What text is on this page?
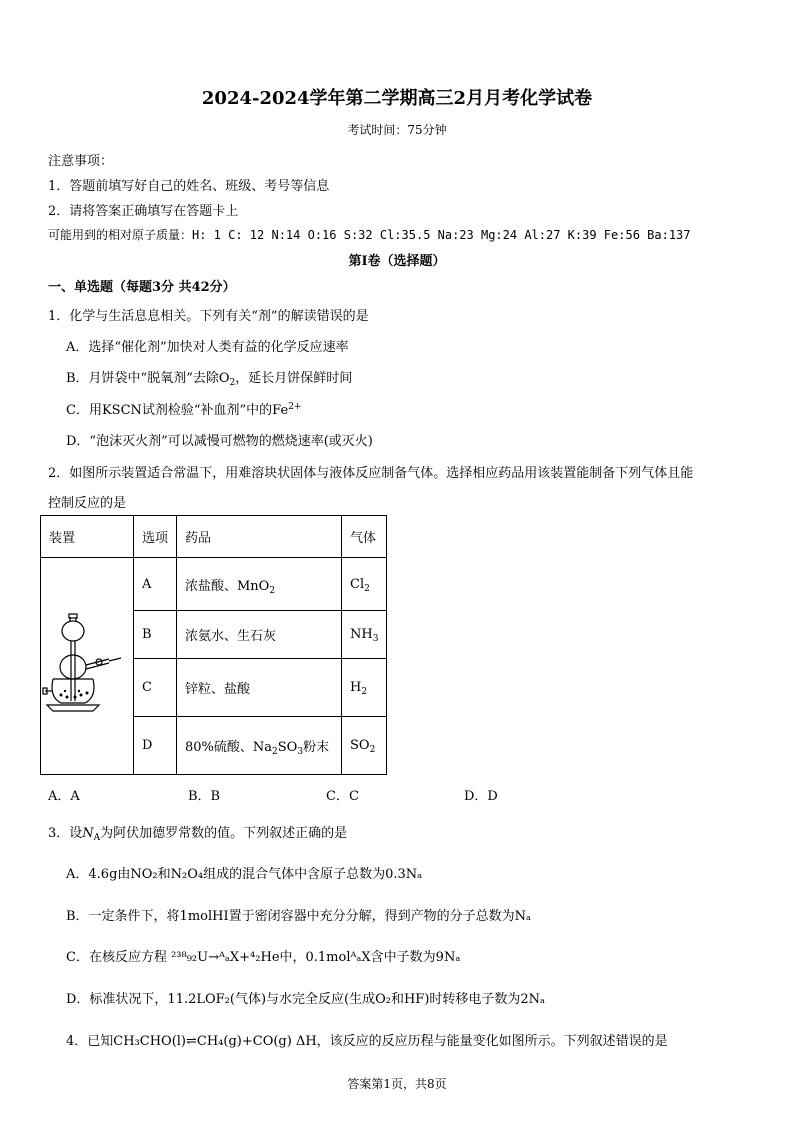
2024-2024学年第二学期高三2月月考化学试卷
考试时间：75分钟
注意事项：
1．答题前填写好自己的姓名、班级、考号等信息
2．请将答案正确填写在答题卡上
可能用到的相对原子质量：H: 1 C: 12 N:14 O:16 S:32 Cl:35.5 Na:23 Mg:24 Al:27 K:39 Fe:56 Ba:137
第Ⅰ卷（选择题）
一、单选题（每题3分 共42分）
1．化学与生活息息相关。下列有关“剂”的解读错误的是
A．选择“催化剂”加快对人类有益的化学反应速率
B．月饼袋中“脱氧剂”去除$O_2$，延长月饼保鲜时间
C．用KSCN试剂检验“补血剂”中的$Fe^{2+}$
D．“泡沫灭火剂”可以减慢可燃物的燃烧速率(或灭火)
2．如图所示装置适合常温下，用难溶块状固体与液体反应制备气体。选择相应药品用该装置能制备下列气体且能
控制反应的是
装置	选项	药品	气体
	A	浓盐酸、MnO$_2$	$Cl_2$
	B	浓氨水、生石灰	$NH_3$
	C	锌粒、盐酸	$H_2$
	D	80%硫酸、$Na_2SO_3$粉末	$SO_2$
A．A	B．B	C．C	D．D
3．设$N_A$为阿伏加德罗常数的值。下列叙述正确的是
A．4.6g由NO₂和N₂O₄组成的混合气体中含原子总数为0.3Nₐ
B．一定条件下，将1molHI置于密闭容器中充分分解，得到产物的分子总数为Nₐ
C．在核反应方程 ²³⁸₉₂U→ᴬₐX+⁴₂He中，0.1molᴬₐX含中子数为9Nₐ
D．标准状况下，11.2LOF₂(气体)与水完全反应(生成O₂和HF)时转移电子数为2Nₐ
4．已知CH₃CHO(l)⇌CH₄(g)+CO(g) ΔH，该反应的反应历程与能量变化如图所示。下列叙述错误的是
答案第1页，共8页
